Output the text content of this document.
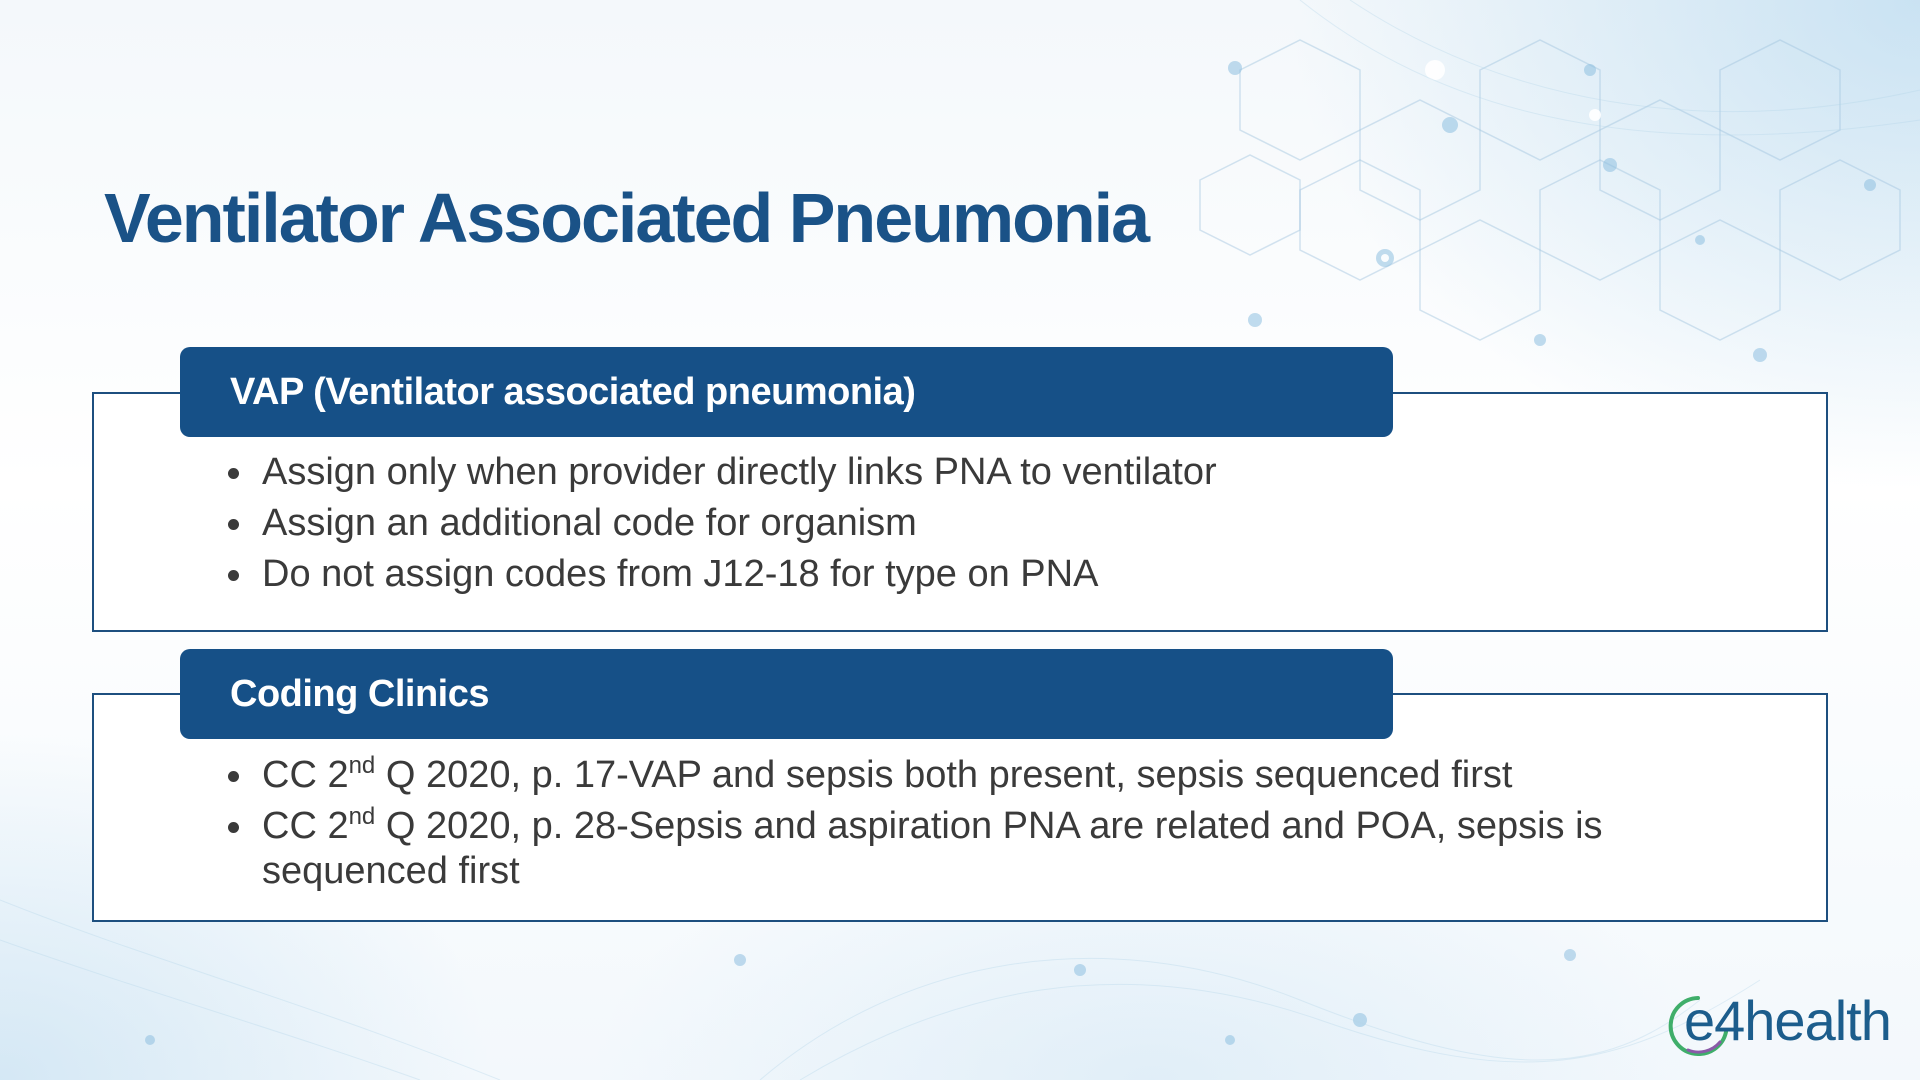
Ventilator Associated Pneumonia
VAP (Ventilator associated pneumonia)
Assign only when provider directly links PNA to ventilator
Assign an additional code for organism
Do not assign codes from J12-18 for type on PNA
Coding Clinics
CC 2nd Q 2020, p. 17-VAP and sepsis both present, sepsis sequenced first
CC 2nd Q 2020, p. 28-Sepsis and aspiration PNA are related and POA, sepsis is sequenced first
e4health
